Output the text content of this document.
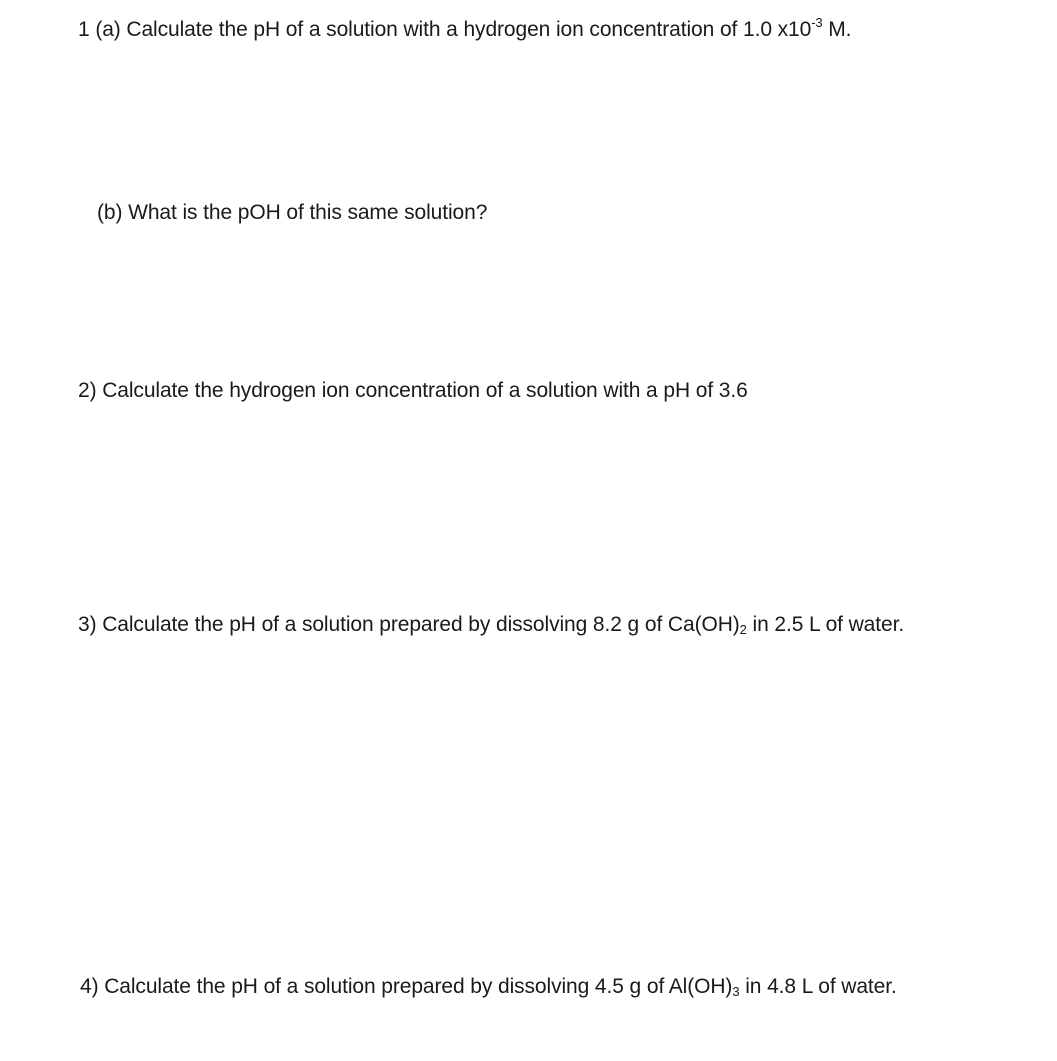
1 (a) Calculate the pH of a solution with a hydrogen ion concentration of 1.0 $x10^{-3}$ M.
(b) What is the pOH of this same solution?
2) Calculate the hydrogen ion concentration of a solution with a pH of 3.6
3) Calculate the pH of a solution prepared by dissolving 8.2 g of $Ca(OH)_2$ in 2.5 L of water.
4) Calculate the pH of a solution prepared by dissolving 4.5 g of $Al(OH)_3$ in 4.8 L of water.
